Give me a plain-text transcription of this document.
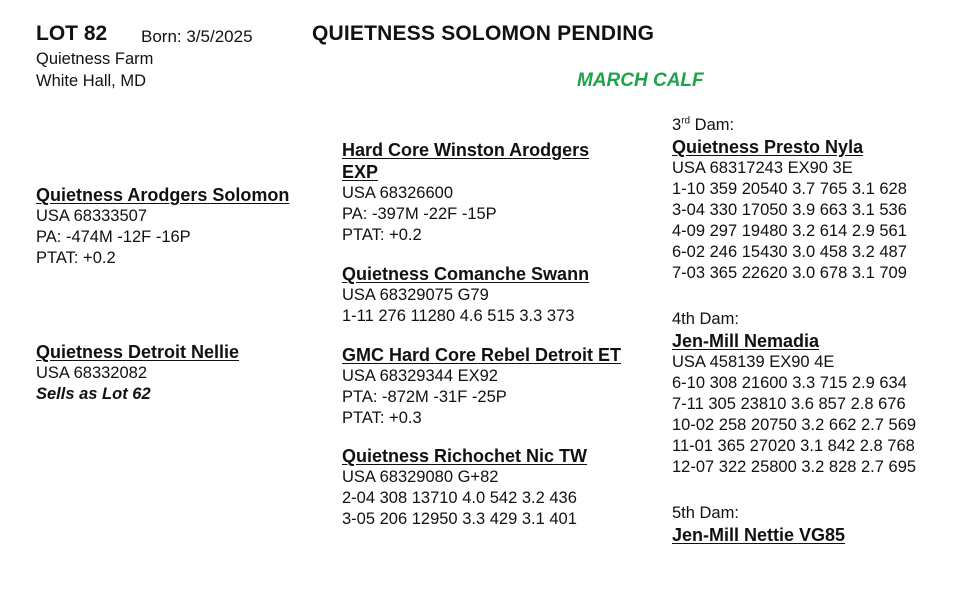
LOT 82 Born: 3/5/2025	QUIETNESS SOLOMON PENDING
Quietness Farm
White Hall, MD	MARCH CALF
Quietness Arodgers Solomon
USA 68333507
PA: -474M -12F -16P
PTAT: +0.2
Quietness Detroit Nellie
USA 68332082
Sells as Lot 62
Hard Core Winston Arodgers
EXP
USA 68326600
PA: -397M -22F -15P
PTAT: +0.2
Quietness Comanche Swann
USA 68329075 G79
1-11 276 11280 4.6 515 3.3 373
GMC Hard Core Rebel Detroit ET
USA 68329344 EX92
PTA: -872M -31F -25P
PTAT: +0.3
Quietness Richochet Nic TW
USA 68329080 G+82
2-04 308 13710 4.0 542 3.2 436
3-05 206 12950 3.3 429 3.1 401
3rd Dam:
Quietness Presto Nyla
USA 68317243 EX90 3E
1-10 359 20540 3.7 765 3.1 628
3-04 330 17050 3.9 663 3.1 536
4-09 297 19480 3.2 614 2.9 561
6-02 246 15430 3.0 458 3.2 487
7-03 365 22620 3.0 678 3.1 709
4th Dam:
Jen-Mill Nemadia
USA 458139 EX90 4E
6-10 308 21600 3.3 715 2.9 634
7-11 305 23810 3.6 857 2.8 676
10-02 258 20750 3.2 662 2.7 569
11-01 365 27020 3.1 842 2.8 768
12-07 322 25800 3.2 828 2.7 695
5th Dam:
Jen-Mill Nettie VG85
